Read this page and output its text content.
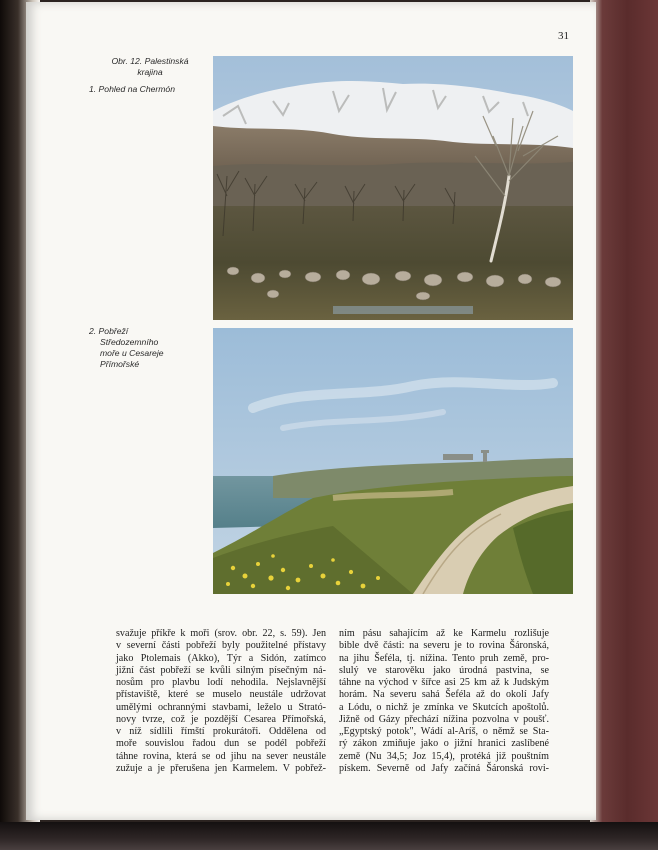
31
Obr. 12. Palestinská
krajina
1. Pohled na Chermón
2. Pobřeží
Středozemního
moře u Cesareje
Přímořské
svažuje příkře k moři (srov. obr. 22, s. 59). Jen
v severní části pobřeží byly použitelné přístavy
jako Ptolemais (Akko), Týr a Sidón, zatímco
jižní část pobřeží se kvůli silným písečným ná-
nosům pro plavbu lodí nehodila. Nejslavnější
přístaviště, které se muselo neustále udržovat
umělými ochrannými stavbami, leželo u Strató-
novy tvrze, což je pozdější Cesarea Přímořská,
v níž sídlili římští prokurátoři. Oddělena od
moře souvislou řadou dun se podél pobřeží
táhne rovina, která se od jihu na sever neustále
zužuje a je přerušena jen Karmelem. V pobřež-
ním pásu sahajícím až ke Karmelu rozlišuje
bible dvě části: na severu je to rovina Šáronská,
na jihu Šeféla, tj. nížina. Tento pruh země, pro-
slulý ve starověku jako úrodná pastvina, se
táhne na východ v šířce asi 25 km až k Judským
horám. Na severu sahá Šeféla až do okolí Jafy
a Lódu, o nichž je zmínka ve Skutcích apoštolů.
Jižně od Gázy přechází nížina pozvolna v poušť.
„Egyptský potok", Wádí al-Aríš, o němž se Sta-
rý zákon zmiňuje jako o jižní hranici zaslíbené
země (Nu 34,5; Joz 15,4), protéká již pouštním
pískem. Severně od Jafy začíná Šáronská rovi-
